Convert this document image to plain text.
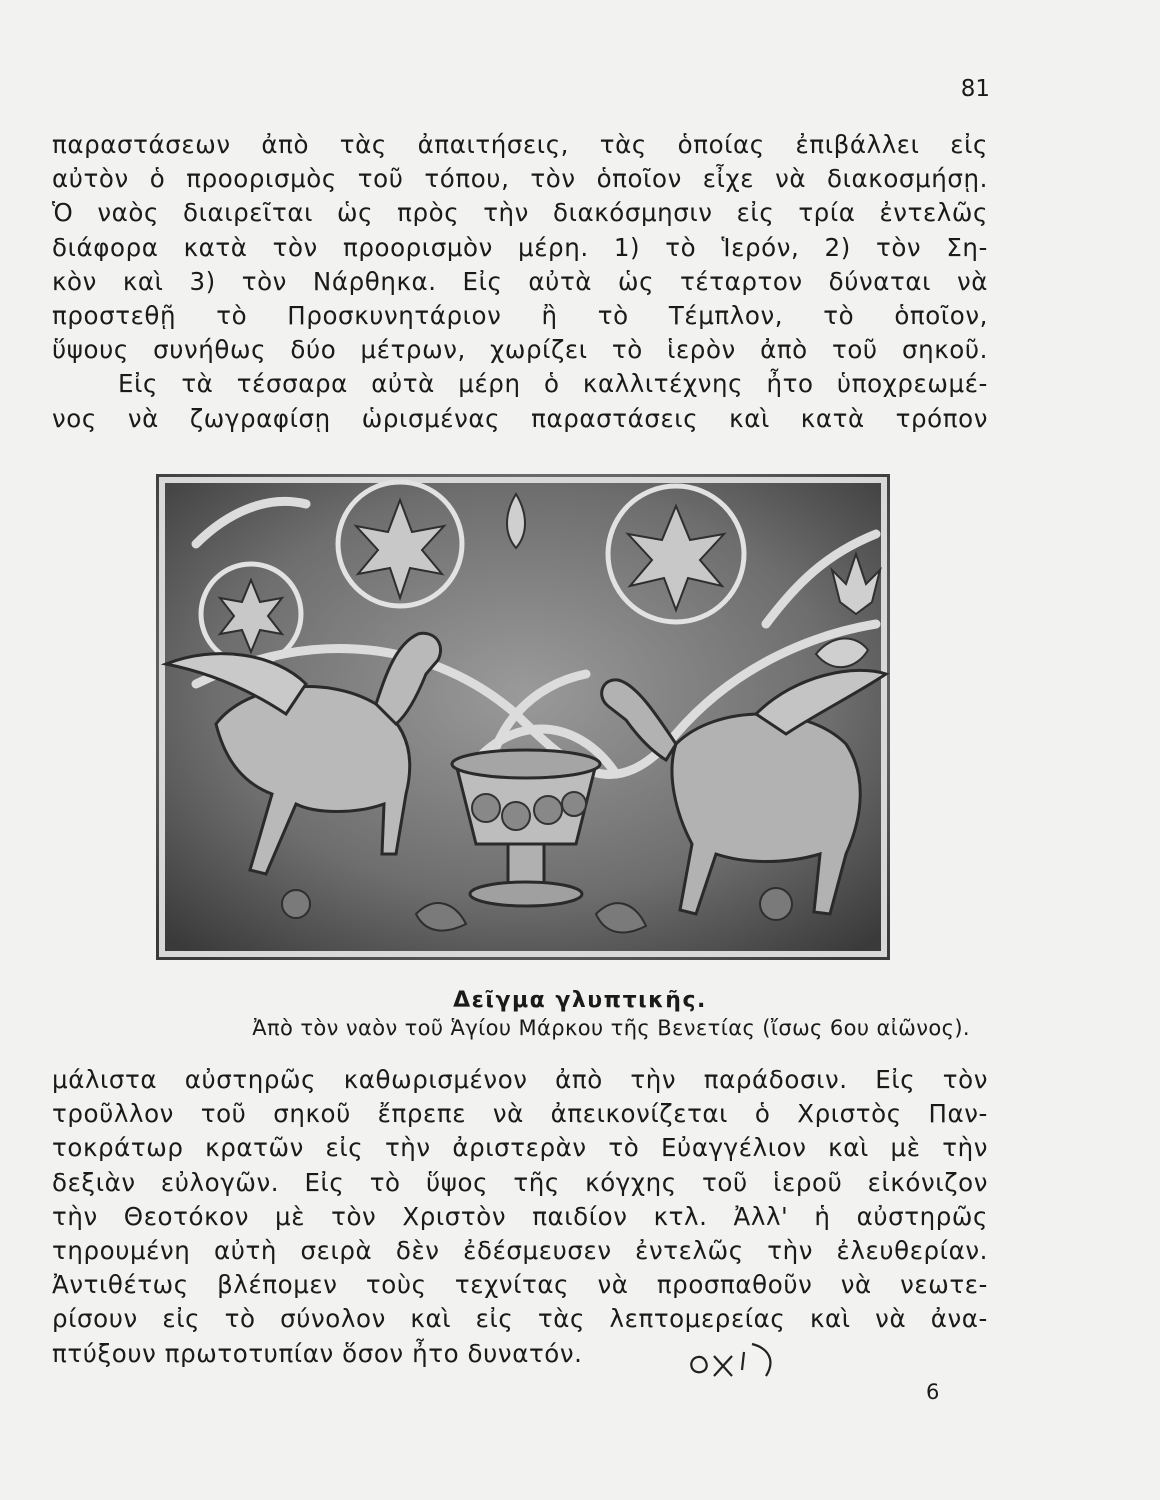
81
παραστάσεων ἀπὸ τὰς ἀπαιτήσεις, τὰς ὁποίας ἐπιβάλλει εἰς
αὐτὸν ὁ προορισμὸς τοῦ τόπου, τὸν ὁποῖον εἶχε νὰ διακοσμήσῃ.
Ὁ ναὸς διαιρεῖται ὡς πρὸς τὴν διακόσμησιν εἰς τρία ἐντελῶς
διάφορα κατὰ τὸν προορισμὸν μέρη. 1) τὸ Ἱερόν, 2) τὸν Ση-
κὸν καὶ 3) τὸν Νάρθηκα. Εἰς αὐτὰ ὡς τέταρτον δύναται νὰ
προστεθῇ τὸ Προσκυνητάριον ἢ τὸ Τέμπλον, τὸ ὁποῖον,
ὕψους συνήθως δύο μέτρων, χωρίζει τὸ ἱερὸν ἀπὸ τοῦ σηκοῦ.
Εἰς τὰ τέσσαρα αὐτὰ μέρη ὁ καλλιτέχνης ἦτο ὑποχρεωμέ-
νος νὰ ζωγραφίσῃ ὡρισμένας παραστάσεις καὶ κατὰ τρόπον
Δεῖγμα γλυπτικῆς.
Ἀπὸ τὸν ναὸν τοῦ Ἁγίου Μάρκου τῆς Βενετίας (ἴσως 6ου αἰῶνος).
μάλιστα αὐστηρῶς καθωρισμένον ἀπὸ τὴν παράδοσιν. Εἰς τὸν
τροῦλλον τοῦ σηκοῦ ἔπρεπε νὰ ἀπεικονίζεται ὁ Χριστὸς Παν-
τοκράτωρ κρατῶν εἰς τὴν ἀριστερὰν τὸ Εὐαγγέλιον καὶ μὲ τὴν
δεξιὰν εὐλογῶν. Εἰς τὸ ὕψος τῆς κόγχης τοῦ ἱεροῦ εἰκόνιζον
τὴν Θεοτόκον μὲ τὸν Χριστὸν παιδίον κτλ. Ἀλλ' ἡ αὐστηρῶς
τηρουμένη αὐτὴ σειρὰ δὲν ἐδέσμευσεν ἐντελῶς τὴν ἐλευθερίαν.
Ἀντιθέτως βλέπομεν τοὺς τεχνίτας νὰ προσπαθοῦν νὰ νεωτε-
ρίσουν εἰς τὸ σύνολον καὶ εἰς τὰς λεπτομερείας καὶ νὰ ἀνα-
πτύξουν πρωτοτυπίαν ὅσον ἦτο δυνατόν.
6
